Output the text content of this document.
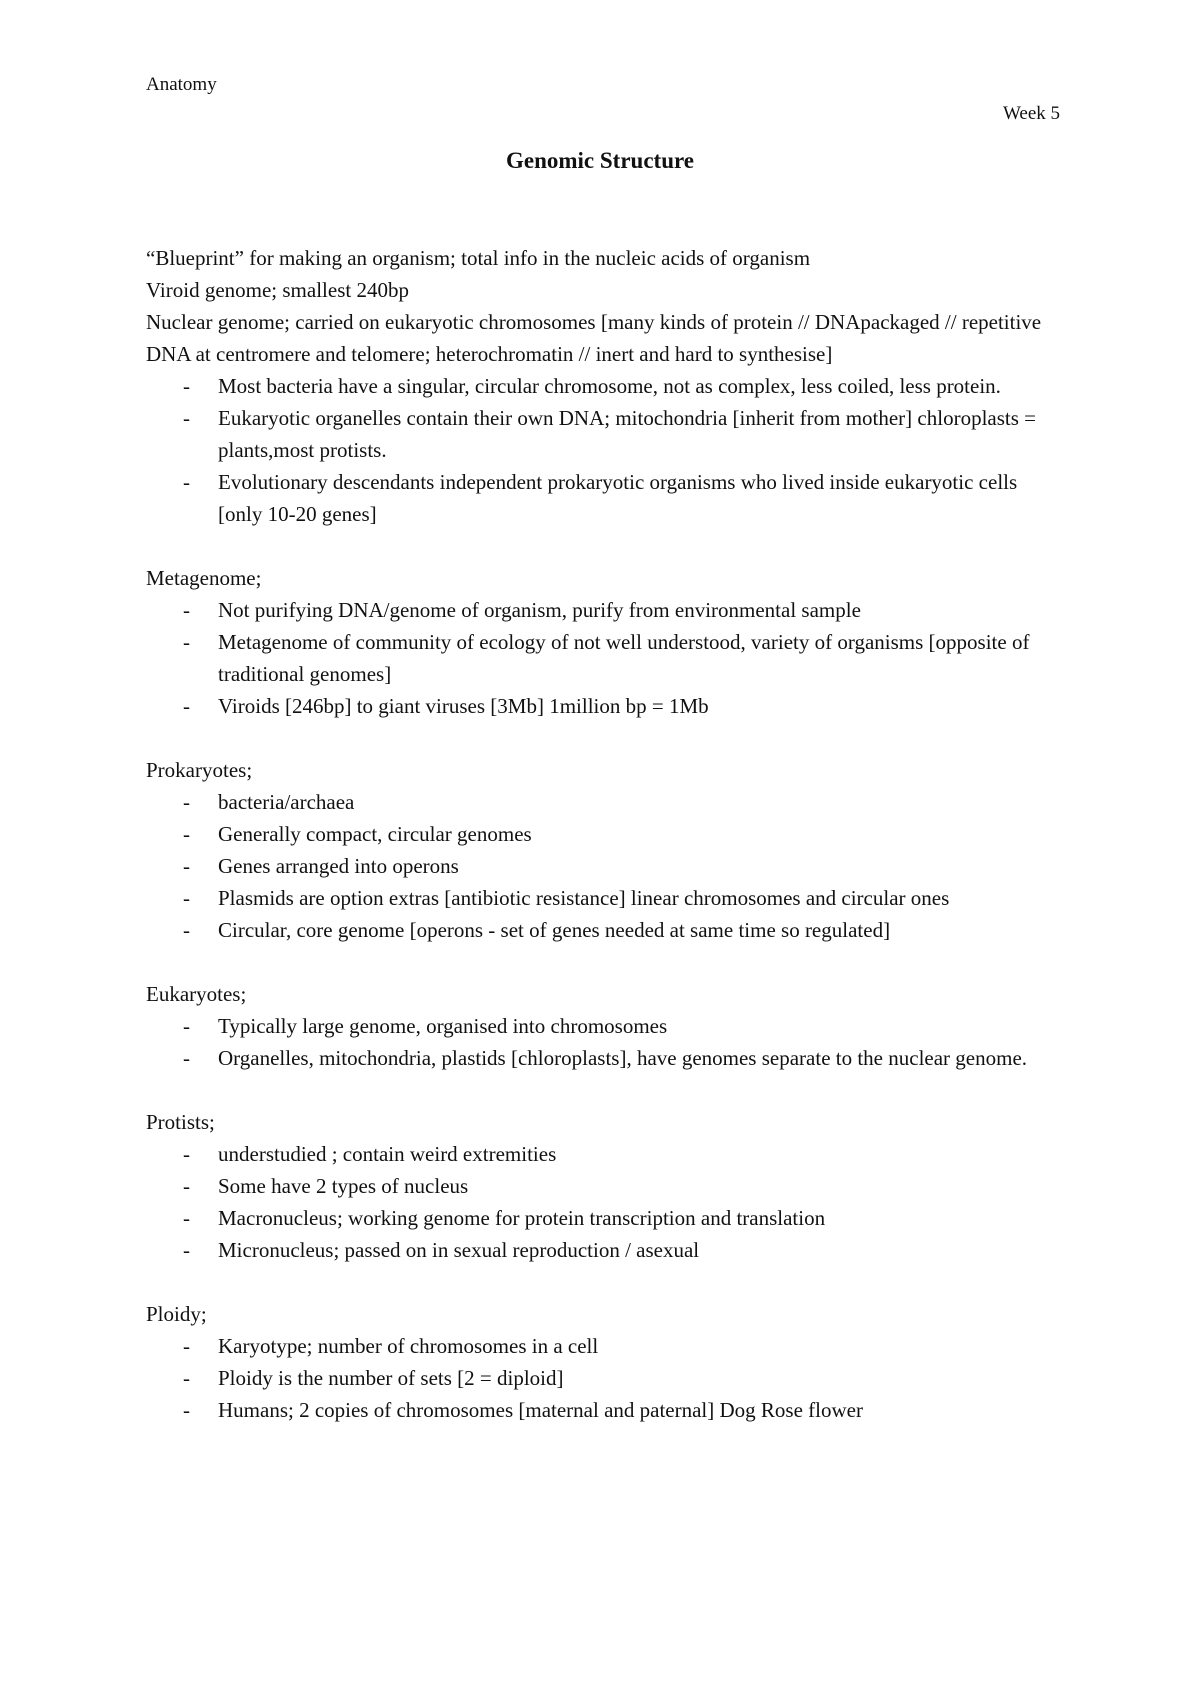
Anatomy
Week 5
Genomic Structure

“Blueprint” for making an organism; total info in the nucleic acids of organism

Viroid genome; smallest 240bp

Nuclear genome; carried on eukaryotic chromosomes [many kinds of protein // DNApackaged // repetitive DNA at centromere and telomere; heterochromatin // inert and hard to synthesise]

- Most bacteria have a singular, circular chromosome, not as complex, less coiled, less protein.
- Eukaryotic organelles contain their own DNA; mitochondria [inherit from mother] chloroplasts = plants,most protists.
- Evolutionary descendants independent prokaryotic organisms who lived inside eukaryotic cells [only 10-20 genes]

Metagenome;

- Not purifying DNA/genome of organism, purify from environmental sample
- Metagenome of community of ecology of not well understood, variety of organisms [opposite of traditional genomes]
- Viroids [246bp] to giant viruses [3Mb] 1million bp = 1Mb

Prokaryotes;

- bacteria/archaea
- Generally compact, circular genomes
- Genes arranged into operons
- Plasmids are option extras [antibiotic resistance] linear chromosomes and circular ones
- Circular, core genome [operons - set of genes needed at same time so regulated]

Eukaryotes;

- Typically large genome, organised into chromosomes
- Organelles, mitochondria, plastids [chloroplasts], have genomes separate to the nuclear genome.

Protists;

- understudied ; contain weird extremities
- Some have 2 types of nucleus
- Macronucleus; working genome for protein transcription and translation
- Micronucleus; passed on in sexual reproduction / asexual

Ploidy;

- Karyotype; number of chromosomes in a cell
- Ploidy is the number of sets [2 = diploid]
- Humans; 2 copies of chromosomes [maternal and paternal] Dog Rose flower
